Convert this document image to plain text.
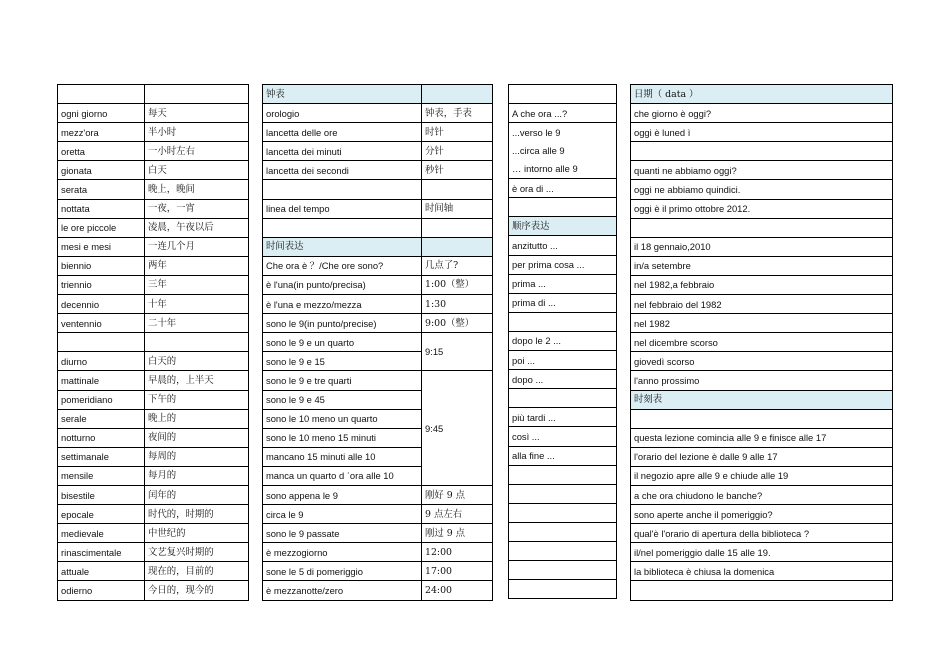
ogni giorno	每天
mezz'ora	半小时
oretta	一小时左右
gionata	白天
serata	晚上，晚间
nottata	一夜，一宵
le ore piccole	凌晨，午夜以后
mesi e mesi	一连几个月
biennio	两年
triennio	三年
decennio	十年
ventennio	二十年

diurno	白天的
mattinale	早晨的，上半天
pomeridiano	下午的
serale	晚上的
notturno	夜间的
settimanale	每周的
mensile	每月的
bisestile	闰年的
epocale	时代的，时期的
medievale	中世纪的
rinascimentale	文艺复兴时期的
attuale	现在的，目前的
odierno	今日的，现今的
钟表	
orologio	钟表，手表
lancetta delle ore	时针
lancetta dei minuti	分针
lancetta dei secondi	秒针

linea del tempo	时间轴

时间表达	
Che ora è ？/Che ore sono?	几点了?
è l'una(in punto/precisa)	1:00（整）
è l'una e mezzo/mezza	1:30
sono le 9(in punto/precise)	9:00（整）
sono le 9 e un quarto	9:15
sono le 9 e 15	
sono le 9 e tre quarti	9:45
sono le 9 e 45	
sono le 10 meno un quarto	
sono le 10 meno 15 minuti	
mancano 15 minuti alle 10	
manca un quarto d ʾora alle 10	
sono appena le 9	刚好 9 点
circa le 9	9 点左右
sono le 9 passate	刚过 9 点
è mezzogiorno	12:00
sone le 5 di pomeriggio	17:00
è mezzanotte/zero	24:00

A che ora ...?

...verso le 9
...circa alle 9
… intorno alle 9

è ora di ...

顺序表达
anzitutto ...
per prima cosa ...
prima ...
prima di ...

dopo le 2 ...
poi ...
dopo ...

più tardi ...
così ...
alla fine ...

日期（ data ）
che giorno è oggi?
oggi è luned ì

quanti ne abbiamo oggi?
oggi ne abbiamo quindici.
oggi è il primo ottobre 2012.

il 18 gennaio,2010
in/a setembre
nel 1982,a febbraio
nel febbraio del 1982
nel 1982
nel dicembre scorso
giovedì scorso
l'anno prossimo
时刻表

questa lezione comincia alle 9 e finisce alle 17
l'orario del lezione è dalle 9 alle 17
il negozio apre alle 9 e chiude alle 19
a che ora chiudono le banche?
sono aperte anche il pomeriggio?
qual'è l'orario di apertura della biblioteca ?
il/nel pomeriggio dalle 15 alle 19.
la biblioteca è chiusa la domenica
